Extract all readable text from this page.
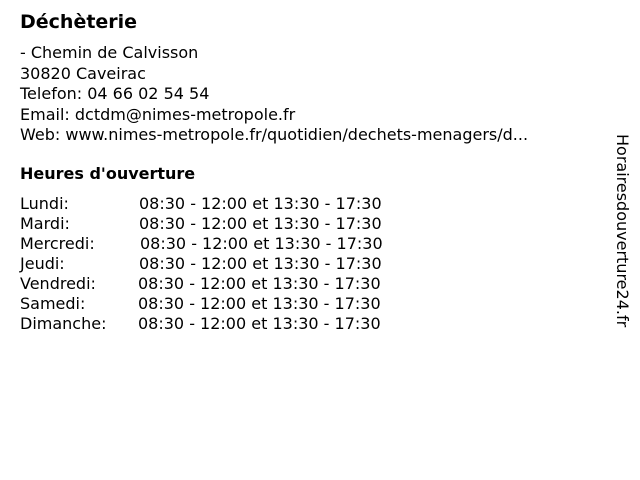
Déchèterie
- Chemin de Calvisson
30820 Caveirac
Telefon: 04 66 02 54 54
Email: dctdm@nimes-metropole.fr
Web: www.nimes-metropole.fr/quotidien/dechets-menagers/d...
Heures d'ouverture
Lundi:	08:30 - 12:00 et 13:30 - 17:30
Mardi:	08:30 - 12:00 et 13:30 - 17:30
Mercredi:	08:30 - 12:00 et 13:30 - 17:30
Jeudi:	08:30 - 12:00 et 13:30 - 17:30
Vendredi:	08:30 - 12:00 et 13:30 - 17:30
Samedi:	08:30 - 12:00 et 13:30 - 17:30
Dimanche:	08:30 - 12:00 et 13:30 - 17:30	Horairesdouverture24.fr
